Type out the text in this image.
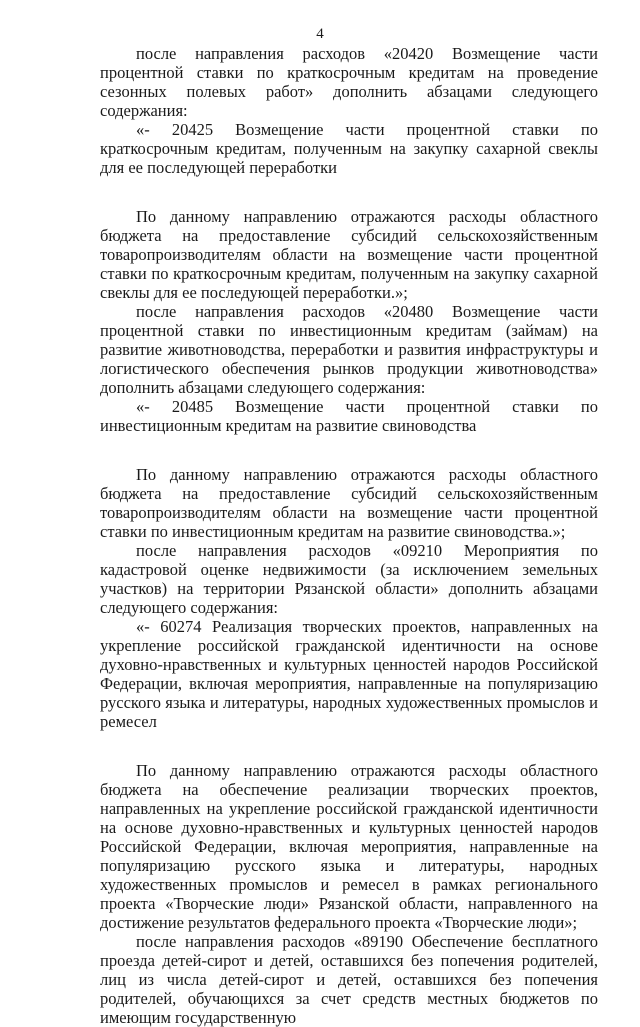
4

после направления расходов «20420 Возмещение части процентной ставки по краткосрочным кредитам на проведение сезонных полевых работ» дополнить абзацами следующего содержания:

«- 20425 Возмещение части процентной ставки по краткосрочным кредитам, полученным на закупку сахарной свеклы для ее последующей переработки

По данному направлению отражаются расходы областного бюджета на предоставление субсидий сельскохозяйственным товаропроизводителям области на возмещение части процентной ставки по краткосрочным кредитам, полученным на закупку сахарной свеклы для ее последующей переработки.»;

после направления расходов «20480 Возмещение части процентной ставки по инвестиционным кредитам (займам) на развитие животноводства, переработки и развития инфраструктуры и логистического обеспечения рынков продукции животноводства» дополнить абзацами следующего содержания:

«- 20485 Возмещение части процентной ставки по инвестиционным кредитам на развитие свиноводства

По данному направлению отражаются расходы областного бюджета на предоставление субсидий сельскохозяйственным товаропроизводителям области на возмещение части процентной ставки по инвестиционным кредитам на развитие свиноводства.»;

после направления расходов «09210 Мероприятия по кадастровой оценке недвижимости (за исключением земельных участков) на территории Рязанской области» дополнить абзацами следующего содержания:

«- 60274 Реализация творческих проектов, направленных на укрепление российской гражданской идентичности на основе духовно-нравственных и культурных ценностей народов Российской Федерации, включая мероприятия, направленные на популяризацию русского языка и литературы, народных художественных промыслов и ремесел

По данному направлению отражаются расходы областного бюджета на обеспечение реализации творческих проектов, направленных на укрепление российской гражданской идентичности на основе духовно-нравственных и культурных ценностей народов Российской Федерации, включая мероприятия, направленные на популяризацию русского языка и литературы, народных художественных промыслов и ремесел в рамках регионального проекта «Творческие люди» Рязанской области, направленного на достижение результатов федерального проекта «Творческие люди»;

после направления расходов «89190 Обеспечение бесплатного проезда детей-сирот и детей, оставшихся без попечения родителей, лиц из числа детей-сирот и детей, оставшихся без попечения родителей, обучающихся за счет средств местных бюджетов по имеющим государственную
